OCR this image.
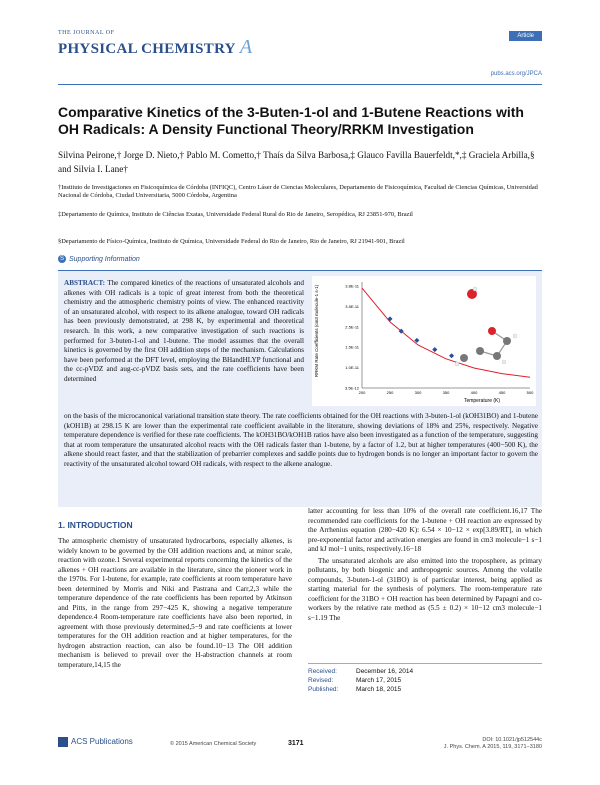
THE JOURNAL OF
PHYSICAL CHEMISTRY A	Article
pubs.acs.org/JPCA
Comparative Kinetics of the 3-Buten-1-ol and 1-Butene Reactions with OH Radicals: A Density Functional Theory/RRKM Investigation
Silvina Peirone,† Jorge D. Nieto,† Pablo M. Cometto,† Thaís da Silva Barbosa,‡ Glauco Favilla Bauerfeldt,*,‡ Graciela Arbilla,§ and Silvia I. Lane†
†Instituto de Investigaciones en Fisicoquímica de Córdoba (INFIQC), Centro Láser de Ciencias Moleculares, Departamento de Fisicoquímica, Facultad de Ciencias Químicas, Universidad Nacional de Córdoba, Ciudad Universitaria, 5000 Córdoba, Argentina
‡Departamento de Química, Instituto de Ciências Exatas, Universidade Federal Rural do Rio de Janeiro, Seropédica, RJ 23851-970, Brazil
§Departamento de Físico-Química, Instituto de Química, Universidade Federal do Rio de Janeiro, Rio de Janeiro, RJ 21941-901, Brazil
S Supporting Information
ABSTRACT: The compared kinetics of the reactions of unsaturated alcohols and alkenes with OH radicals is a topic of great interest from both the theoretical chemistry and the atmospheric chemistry points of view. The enhanced reactivity of an unsaturated alcohol, with respect to its alkene analogue, toward OH radicals has been previously demonstrated, at 298 K, by experimental and theoretical research. In this work, a new comparative investigation of such reactions is performed for 3-buten-1-ol and 1-butene. The model assumes that the overall kinetics is governed by the first OH addition steps of the mechanism. Calculations have been performed at the DFT level, employing the BHandHLYP functional and the cc-pVDZ and aug-cc-pVDZ basis sets, and the rate coefficients have been determined
RRKM Rate Coefficients (cm3 molecule-1 s-1)	3.8E-11
3.5E-11
2.5E-11
1.5E-11
1.0E-11
3.5E-12
200	250	300	350	400	450	500
Temperature (K)
on the basis of the microcanonical variational transition state theory. The rate coefficients obtained for the OH reactions with 3-buten-1-ol (kOH31BO) and 1-butene (kOH1B) at 298.15 K are lower than the experimental rate coefficient available in the literature, showing deviations of 18% and 25%, respectively. Negative temperature dependence is verified for these rate coefficients. The kOH31BO/kOH1B ratios have also been investigated as a function of the temperature, suggesting that at room temperature the unsaturated alcohol reacts with the OH radicals faster than 1-butene, by a factor of 1.2, but at higher temperatures (400−500 K), the alkene should react faster, and that the stabilization of prebarrier complexes and saddle points due to hydrogen bonds is no longer an important factor to govern the reactivity of the unsaturated alcohol toward OH radicals, with respect to the alkene analogue.
1. INTRODUCTION
The atmospheric chemistry of unsaturated hydrocarbons, especially alkenes, is widely known to be governed by the OH addition reactions and, at minor scale, reaction with ozone.1 Several experimental reports concerning the kinetics of the alkenes + OH reactions are available in the literature, since the pioneer work in the 1970s. For 1-butene, for example, rate coefficients at room temperature have been determined by Morris and Niki and Pastrana and Carr,2,3 while the temperature dependence of the rate coefficients has been reported by Atkinson and Pitts, in the range from 297−425 K, showing a negative temperature dependence.4 Room-temperature rate coefficients have also been reported, in agreement with those previously determined,5−9 and rate coefficients at lower temperatures for the OH addition reaction and at higher temperatures, for the hydrogen abstraction reaction, can also be found.10−13 The OH addition mechanism is believed to prevail over the H-abstraction channels at room temperature,14,15 the
latter accounting for less than 10% of the overall rate coefficient.16,17 The recommended rate coefficients for the 1-butene + OH reaction are expressed by the Arrhenius equation (280−420 K): 6.54 × 10−12 × exp[3.89/RT], in which pre-exponential factor and activation energies are found in cm3 molecule−1 s−1 and kJ mol−1 units, respectively.16−18
The unsaturated alcohols are also emitted into the troposphere, as primary pollutants, by both biogenic and anthropogenic sources. Among the volatile compounds, 3-buten-1-ol (31BO) is of particular interest, being applied as starting material for the synthesis of polymers. The room-temperature rate coefficient for the 31BO + OH reaction has been determined by Papagni and co-workers by the relative rate method as (5.5 ± 0.2) × 10−12 cm3 molecule−1 s−1.19 The
Received:	December 16, 2014
Revised:	March 17, 2015
Published:	March 18, 2015
ACS Publications	© 2015 American Chemical Society	3171	DOI: 10.1021/jp512544c
J. Phys. Chem. A 2015, 119, 3171−3180
